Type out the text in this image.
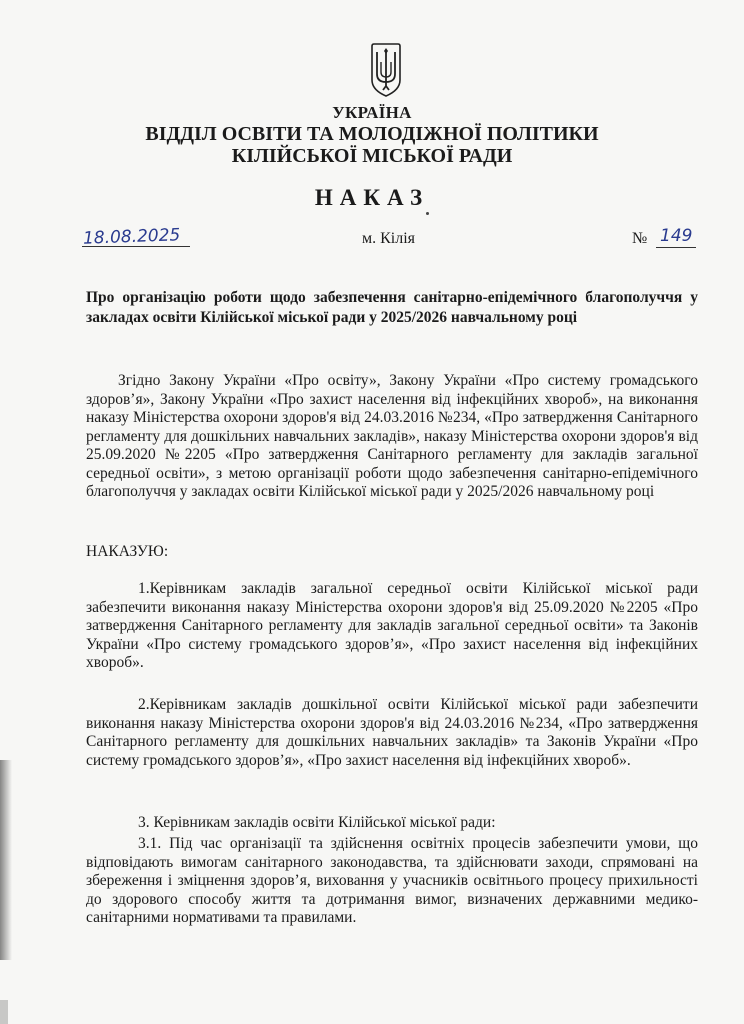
УКРАЇНА
ВІДДІЛ ОСВІТИ ТА МОЛОДІЖНОЇ ПОЛІТИКИ
КІЛІЙСЬКОЇ МІСЬКОЇ РАДИ
НАКАЗ
18.08.2025	м. Кілія	№ 149
Про організацію роботи щодо забезпечення санітарно-епідемічного благополуччя у закладах освіти Кілійської міської ради у 2025/2026 навчальному році
Згідно Закону України «Про освіту», Закону України «Про систему громадського здоров’я», Закону України «Про захист населення від інфекційних хвороб», на виконання наказу Міністерства охорони здоров'я від 24.03.2016 №234, «Про затвердження Санітарного регламенту для дошкільних навчальних закладів», наказу Міністерства охорони здоров'я від 25.09.2020 №2205 «Про затвердження Санітарного регламенту для закладів загальної середньої освіти», з метою організації роботи щодо забезпечення санітарно-епідемічного благополуччя у закладах освіти Кілійської міської ради у 2025/2026 навчальному році
НАКАЗУЮ:
1.Керівникам закладів загальної середньої освіти Кілійської міської ради забезпечити виконання наказу Міністерства охорони здоров'я від 25.09.2020 №2205 «Про затвердження Санітарного регламенту для закладів загальної середньої освіти» та Законів України «Про систему громадського здоров’я», «Про захист населення від інфекційних хвороб».
2.Керівникам закладів дошкільної освіти Кілійської міської ради забезпечити виконання наказу Міністерства охорони здоров'я від 24.03.2016 №234, «Про затвердження Санітарного регламенту для дошкільних навчальних закладів» та Законів України «Про систему громадського здоров’я», «Про захист населення від інфекційних хвороб».
3. Керівникам закладів освіти Кілійської міської ради:
3.1. Під час організації та здійснення освітніх процесів забезпечити умови, що відповідають вимогам санітарного законодавства, та здійснювати заходи, спрямовані на збереження і зміцнення здоров’я, виховання у учасників освітнього процесу прихильності до здорового способу життя та дотримання вимог, визначених державними медико-санітарними нормативами та правилами.
